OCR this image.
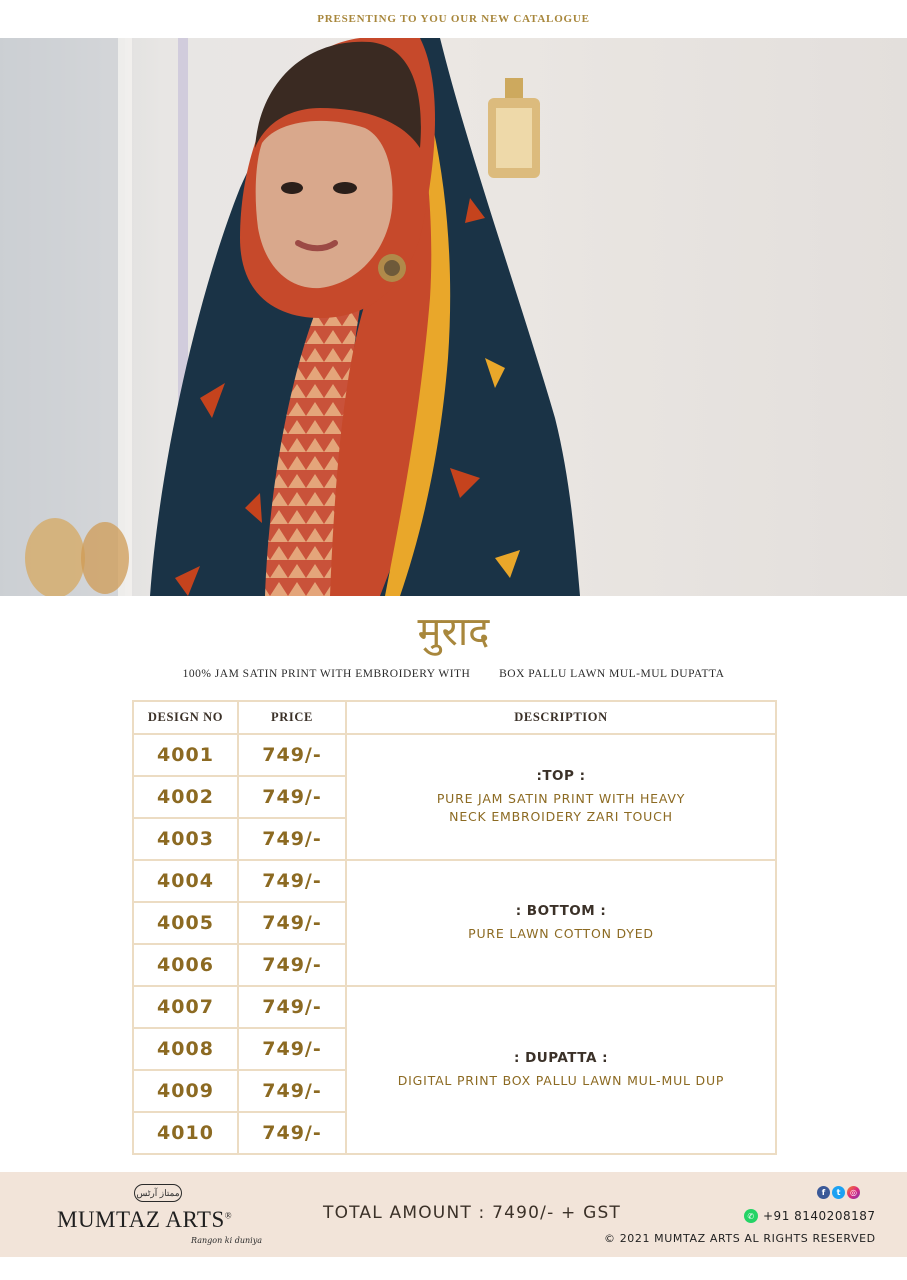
PRESENTING TO YOU OUR NEW CATALOGUE
मुराद
100% JAM SATIN PRINT WITH EMBROIDERY WITH	BOX PALLU LAWN MUL-MUL DUPATTA
DESIGN NO	PRICE	DESCRIPTION
4001	749/-	:TOP :
PURE JAM SATIN PRINT WITH HEAVY
NECK EMBROIDERY ZARI TOUCH

4002	749/-	
4003	749/-	
4004	749/-	: BOTTOM :
PURE LAWN COTTON DYED

4005	749/-	
4006	749/-	
4007	749/-	: DUPATTA :
DIGITAL PRINT BOX PALLU LAWN MUL-MUL DUP

4008	749/-	
4009	749/-	
4010	749/-	
ممتاز آرٹس
MUMTAZ ARTS®
Rangon ki duniya
TOTAL AMOUNT : 7490/- + GST
f	t	◎
✆ +91 8140208187
© 2021 MUMTAZ ARTS AL RIGHTS RESERVED
